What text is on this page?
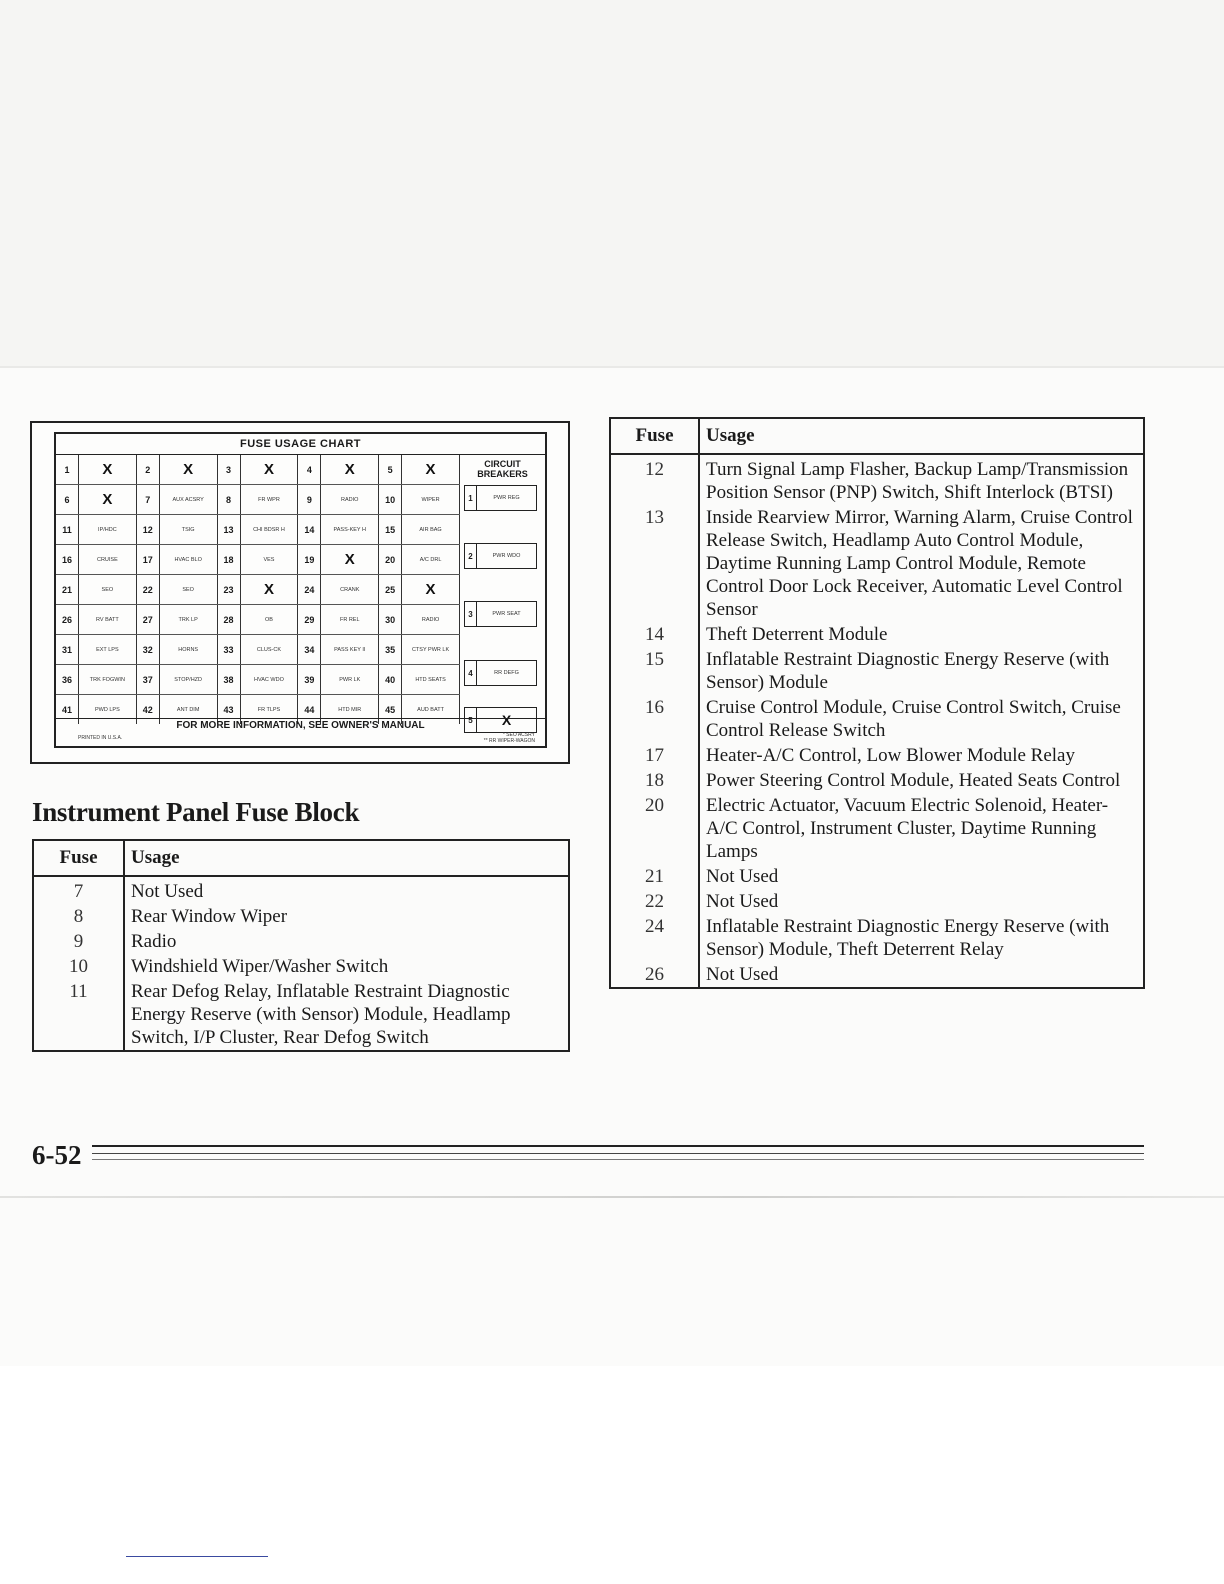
FUSE USAGE CHART
1	X	2	X	3	X	4	X	5	X
6	X	7	AUX ACSRY	8	FR WPR	9	RADIO	10	WIPER
11	IP/HDC	12	TSIG	13	CHI BDSR H	14	PASS-KEY H	15	AIR BAG
16	CRUISE	17	HVAC BLO	18	VES	19	X	20	A/C DRL
21	SEO	22	SEO	23	X	24	CRANK	25	X
26	RV BATT	27	TRK LP	28	OB	29	FR REL	30	RADIO
31	EXT LPS	32	HORNS	33	CLUS-CK	34	PASS KEY II	35	CTSY PWR LK
36	TRK FOGWIN	37	STOP/HZD	38	HVAC WDO	39	PWR LK	40	HTD SEATS
41	PWD LPS	42	ANT DIM	43	FR TLPS	44	HTD MIR	45	AUD BATT
CIRCUIT BREAKERS
1	PWR REG
2	PWR WDO
3	PWR SEAT
4	RR DEFG
5	X
FOR MORE INFORMATION, SEE OWNER'S MANUAL
PRINTED IN U.S.A.	* SEO ACSRY
** RR WIPER-WAGON
Instrument Panel Fuse Block
Fuse	Usage
7	Not Used
8	Rear Window Wiper
9	Radio
10	Windshield Wiper/Washer Switch
11	Rear Defog Relay, Inflatable Restraint Diagnostic Energy Reserve (with Sensor) Module, Headlamp Switch, I/P Cluster, Rear Defog Switch
Fuse	Usage
12	Turn Signal Lamp Flasher, Backup Lamp/Transmission Position Sensor (PNP) Switch, Shift Interlock (BTSI)
13	Inside Rearview Mirror, Warning Alarm, Cruise Control Release Switch, Headlamp Auto Control Module, Daytime Running Lamp Control Module, Remote Control Door Lock Receiver, Automatic Level Control Sensor
14	Theft Deterrent Module
15	Inflatable Restraint Diagnostic Energy Reserve (with Sensor) Module
16	Cruise Control Module, Cruise Control Switch, Cruise Control Release Switch
17	Heater-A/C Control, Low Blower Module Relay
18	Power Steering Control Module, Heated Seats Control
20	Electric Actuator, Vacuum Electric Solenoid, Heater-A/C Control, Instrument Cluster, Daytime Running Lamps
21	Not Used
22	Not Used
24	Inflatable Restraint Diagnostic Energy Reserve (with Sensor) Module, Theft Deterrent Relay
26	Not Used
6-52
